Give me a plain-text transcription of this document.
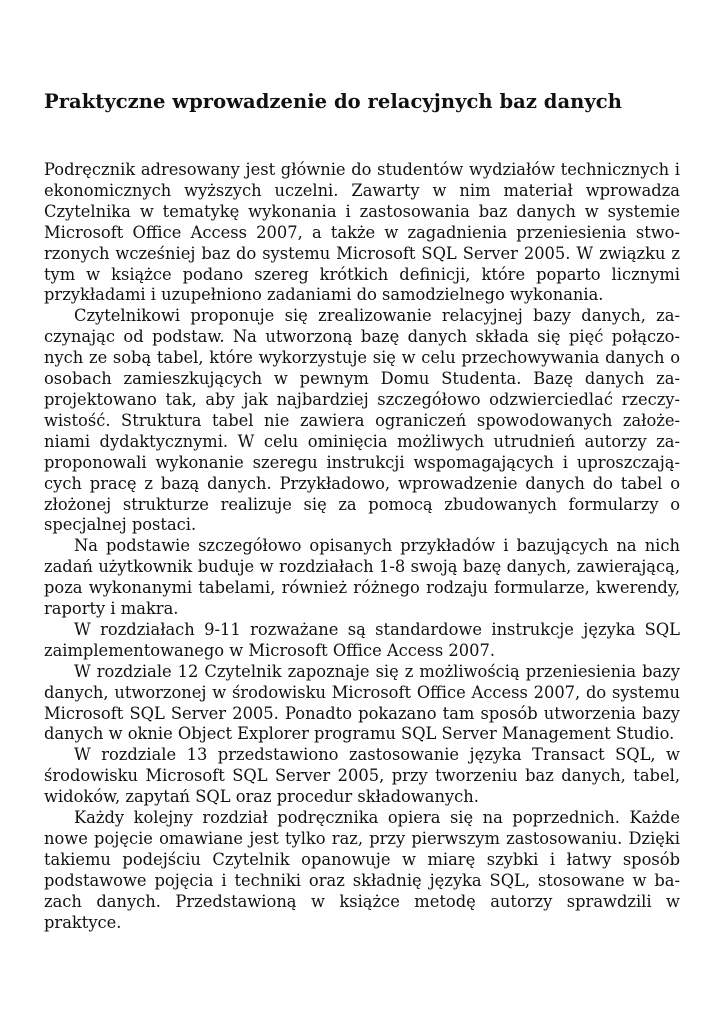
Praktyczne wprowadzenie do relacyjnych baz danych

Podręcznik adresowany jest głównie do studentów wydziałów technicznych i ekonomicznych wyższych uczelni. Zawarty w nim materiał wprowadza Czytelnika w tematykę wykonania i zastosowania baz danych w systemie Microsoft Office Access 2007, a także w zagadnienia przeniesienia stworzonych wcześniej baz do systemu Microsoft SQL Server 2005. W związku z tym w książce podano szereg krótkich definicji, które poparto licznymi przykładami i uzupełniono zadaniami do samodzielnego wykonania.

Czytelnikowi proponuje się zrealizowanie relacyjnej bazy danych, zaczynając od podstaw. Na utworzoną bazę danych składa się pięć połączonych ze sobą tabel, które wykorzystuje się w celu przechowywania danych o osobach zamieszkujących w pewnym Domu Studenta. Bazę danych zaprojektowano tak, aby jak najbardziej szczegółowo odzwierciedlać rzeczywistość. Struktura tabel nie zawiera ograniczeń spowodowanych założeniami dydaktycznymi. W celu ominięcia możliwych utrudnień autorzy zaproponowali wykonanie szeregu instrukcji wspomagających i uproszczających pracę z bazą danych. Przykładowo, wprowadzenie danych do tabel o złożonej strukturze realizuje się za pomocą zbudowanych formularzy o specjalnej postaci.

Na podstawie szczegółowo opisanych przykładów i bazujących na nich zadań użytkownik buduje w rozdziałach 1-8 swoją bazę danych, zawierającą, poza wykonanymi tabelami, również różnego rodzaju formularze, kwerendy, raporty i makra.

W rozdziałach 9-11 rozważane są standardowe instrukcje języka SQL zaimplementowanego w Microsoft Office Access 2007.

W rozdziale 12 Czytelnik zapoznaje się z możliwością przeniesienia bazy danych, utworzonej w środowisku Microsoft Office Access 2007, do systemu Microsoft SQL Server 2005. Ponadto pokazano tam sposób utworzenia bazy danych w oknie Object Explorer programu SQL Server Management Studio.

W rozdziale 13 przedstawiono zastosowanie języka Transact SQL, w środowisku Microsoft SQL Server 2005, przy tworzeniu baz danych, tabel, widoków, zapytań SQL oraz procedur składowanych.

Każdy kolejny rozdział podręcznika opiera się na poprzednich. Każde nowe pojęcie omawiane jest tylko raz, przy pierwszym zastosowaniu. Dzięki takiemu podejściu Czytelnik opanowuje w miarę szybki i łatwy sposób podstawowe pojęcia i techniki oraz składnię języka SQL, stosowane w bazach danych. Przedstawioną w książce metodę autorzy sprawdzili w praktyce.
